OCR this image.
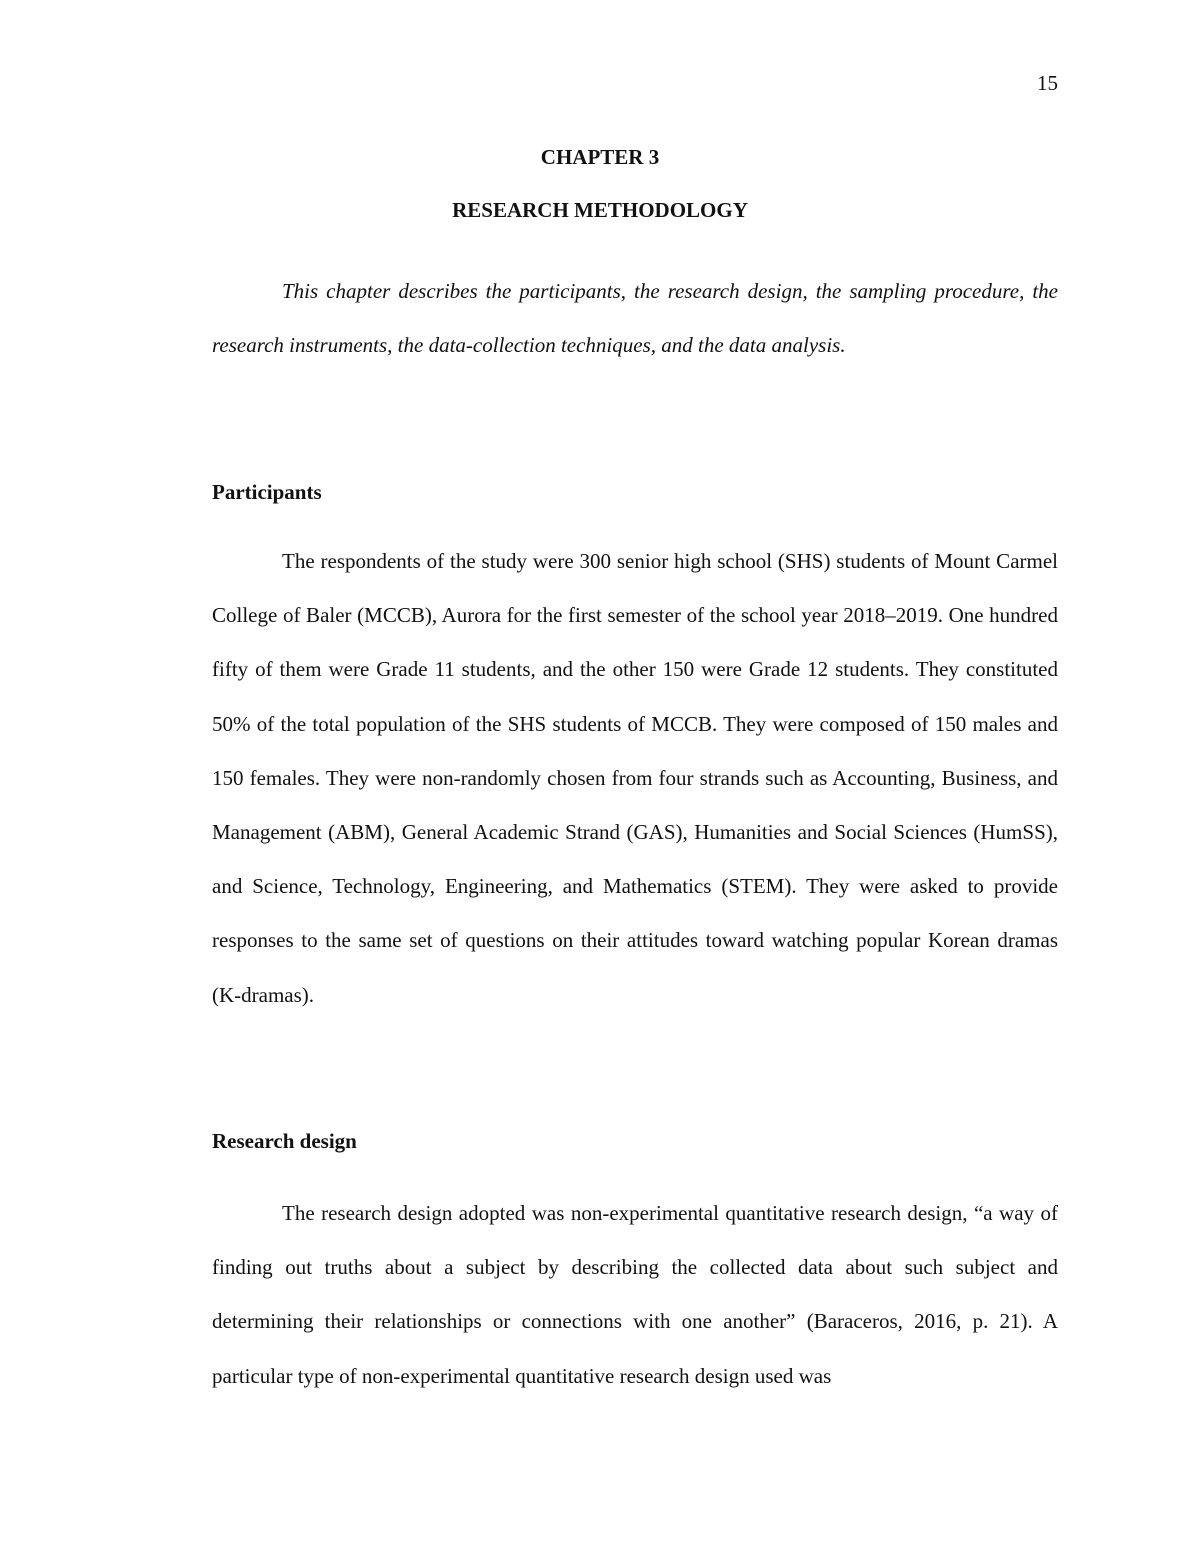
15
CHAPTER 3
RESEARCH METHODOLOGY

This chapter describes the participants, the research design, the sampling procedure, the research instruments, the data-collection techniques, and the data analysis.

Participants

The respondents of the study were 300 senior high school (SHS) students of Mount Carmel College of Baler (MCCB), Aurora for the first semester of the school year 2018–2019. One hundred fifty of them were Grade 11 students, and the other 150 were Grade 12 students. They constituted 50% of the total population of the SHS students of MCCB. They were composed of 150 males and 150 females. They were non-randomly chosen from four strands such as Accounting, Business, and Management (ABM), General Academic Strand (GAS), Humanities and Social Sciences (HumSS), and Science, Technology, Engineering, and Mathematics (STEM). They were asked to provide responses to the same set of questions on their attitudes toward watching popular Korean dramas (K-dramas).

Research design

The research design adopted was non-experimental quantitative research design, “a way of finding out truths about a subject by describing the collected data about such subject and determining their relationships or connections with one another” (Baraceros, 2016, p. 21). A particular type of non-experimental quantitative research design used was
